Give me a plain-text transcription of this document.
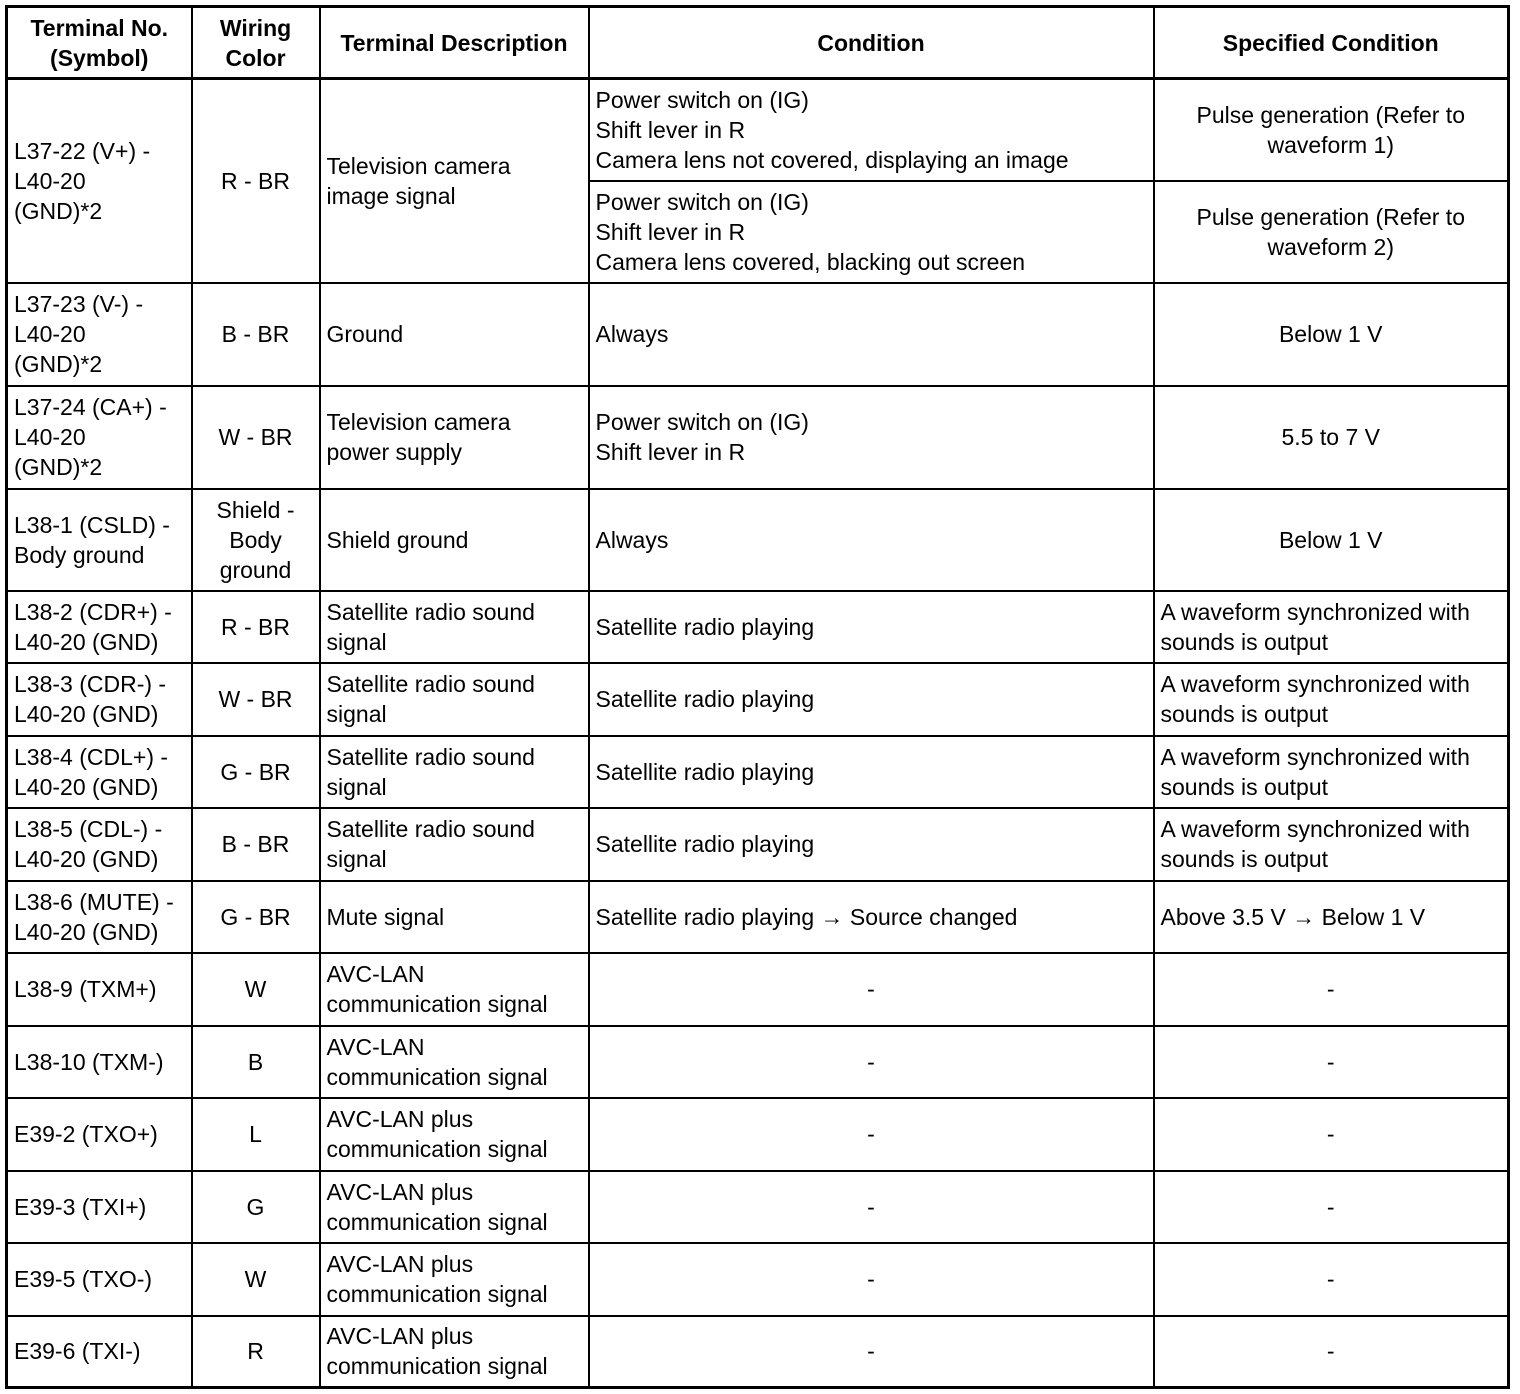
Terminal No.
(Symbol)	Wiring
Color	Terminal Description	Condition	Specified Condition
L37-22 (V+) -
L40-20
(GND)*2	R - BR	Television camera
image signal	Power switch on (IG)
Shift lever in R
Camera lens not covered, displaying an image	Pulse generation (Refer to
waveform 1)
			Power switch on (IG)
Shift lever in R
Camera lens covered, blacking out screen	Pulse generation (Refer to
waveform 2)
L37-23 (V-) -
L40-20
(GND)*2	B - BR	Ground	Always	Below 1 V
L37-24 (CA+) -
L40-20
(GND)*2	W - BR	Television camera
power supply	Power switch on (IG)
Shift lever in R	5.5 to 7 V
L38-1 (CSLD) -
Body ground	Shield -
Body
ground	Shield ground	Always	Below 1 V
L38-2 (CDR+) -
L40-20 (GND)	R - BR	Satellite radio sound
signal	Satellite radio playing	A waveform synchronized with
sounds is output
L38-3 (CDR-) -
L40-20 (GND)	W - BR	Satellite radio sound
signal	Satellite radio playing	A waveform synchronized with
sounds is output
L38-4 (CDL+) -
L40-20 (GND)	G - BR	Satellite radio sound
signal	Satellite radio playing	A waveform synchronized with
sounds is output
L38-5 (CDL-) -
L40-20 (GND)	B - BR	Satellite radio sound
signal	Satellite radio playing	A waveform synchronized with
sounds is output
L38-6 (MUTE) -
L40-20 (GND)	G - BR	Mute signal	Satellite radio playing → Source changed	Above 3.5 V → Below 1 V
L38-9 (TXM+)	W	AVC-LAN
communication signal	-	-
L38-10 (TXM-)	B	AVC-LAN
communication signal	-	-
E39-2 (TXO+)	L	AVC-LAN plus
communication signal	-	-
E39-3 (TXI+)	G	AVC-LAN plus
communication signal	-	-
E39-5 (TXO-)	W	AVC-LAN plus
communication signal	-	-
E39-6 (TXI-)	R	AVC-LAN plus
communication signal	-	-
